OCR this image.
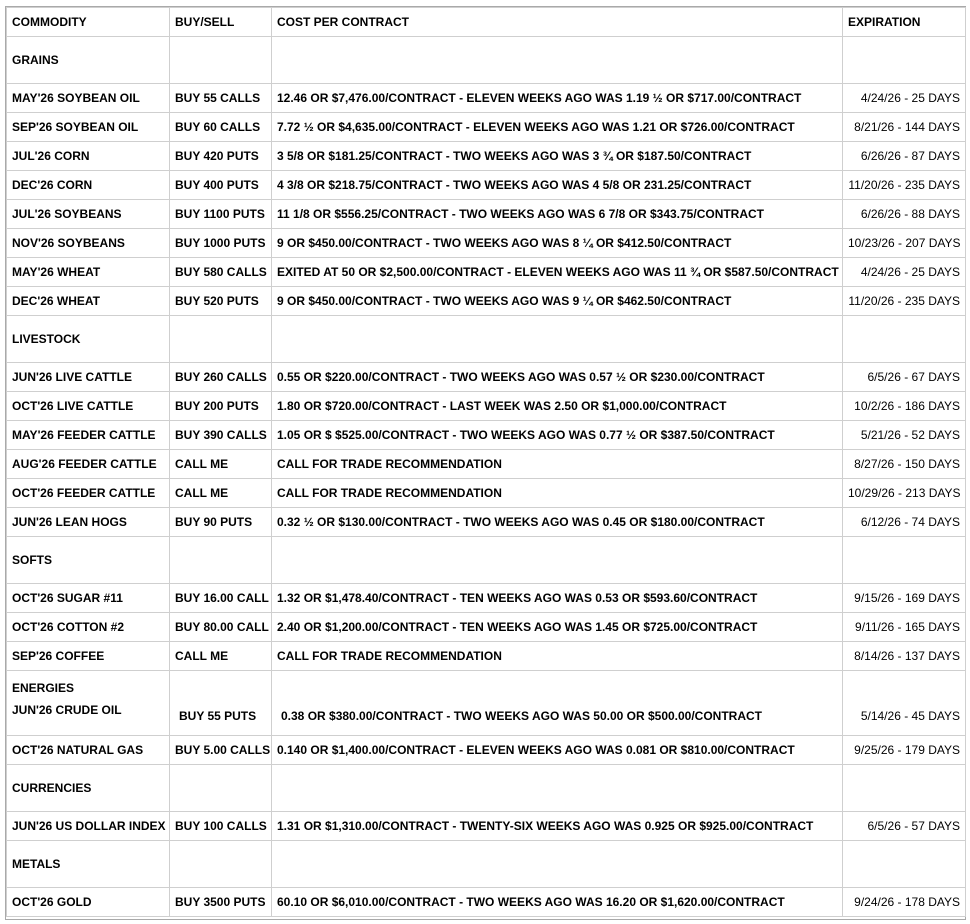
COMMODITY	BUY/SELL	COST PER CONTRACT	EXPIRATION
GRAINS			
MAY'26 SOYBEAN OIL	BUY 55 CALLS	12.46 OR $7,476.00/CONTRACT - ELEVEN WEEKS AGO WAS 1.19 ½ OR $717.00/CONTRACT	4/24/26 - 25 DAYS
SEP'26 SOYBEAN OIL	BUY 60 CALLS	7.72 ½ OR $4,635.00/CONTRACT - ELEVEN WEEKS AGO WAS 1.21 OR $726.00/CONTRACT	8/21/26 - 144 DAYS
JUL'26 CORN	BUY 420 PUTS	3 5/8 OR $181.25/CONTRACT - TWO WEEKS AGO WAS 3 ¾ OR $187.50/CONTRACT	6/26/26 - 87 DAYS
DEC'26 CORN	BUY 400 PUTS	4 3/8 OR $218.75/CONTRACT - TWO WEEKS AGO WAS 4 5/8 OR 231.25/CONTRACT	11/20/26 - 235 DAYS
JUL'26 SOYBEANS	BUY 1100 PUTS	11 1/8 OR $556.25/CONTRACT - TWO WEEKS AGO WAS 6 7/8 OR $343.75/CONTRACT	6/26/26 - 88 DAYS
NOV'26 SOYBEANS	BUY 1000 PUTS	9 OR $450.00/CONTRACT - TWO WEEKS AGO WAS 8 ¼ OR $412.50/CONTRACT	10/23/26 - 207 DAYS
MAY'26 WHEAT	BUY 580 CALLS	EXITED AT 50 OR $2,500.00/CONTRACT - ELEVEN WEEKS AGO WAS 11 ¾ OR $587.50/CONTRACT	4/24/26 - 25 DAYS
DEC'26 WHEAT	BUY 520 PUTS	9 OR $450.00/CONTRACT - TWO WEEKS AGO WAS 9 ¼ OR $462.50/CONTRACT	11/20/26 - 235 DAYS
LIVESTOCK			
JUN'26 LIVE CATTLE	BUY 260 CALLS	0.55 OR $220.00/CONTRACT - TWO WEEKS AGO WAS 0.57 ½ OR $230.00/CONTRACT	6/5/26 - 67 DAYS
OCT'26 LIVE CATTLE	BUY 200 PUTS	1.80 OR $720.00/CONTRACT - LAST WEEK WAS 2.50 OR $1,000.00/CONTRACT	10/2/26 - 186 DAYS
MAY'26 FEEDER CATTLE	BUY 390 CALLS	1.05 OR $ $525.00/CONTRACT - TWO WEEKS AGO WAS 0.77 ½ OR $387.50/CONTRACT	5/21/26 - 52 DAYS
AUG'26 FEEDER CATTLE	CALL ME	CALL FOR TRADE RECOMMENDATION	8/27/26 - 150 DAYS
OCT'26 FEEDER CATTLE	CALL ME	CALL FOR TRADE RECOMMENDATION	10/29/26 - 213 DAYS
JUN'26 LEAN HOGS	BUY 90 PUTS	0.32 ½ OR $130.00/CONTRACT - TWO WEEKS AGO WAS 0.45 OR $180.00/CONTRACT	6/12/26 - 74 DAYS
SOFTS			
OCT'26 SUGAR #11	BUY 16.00 CALL	1.32 OR $1,478.40/CONTRACT - TEN WEEKS AGO WAS 0.53 OR $593.60/CONTRACT	9/15/26 - 169 DAYS
OCT'26 COTTON #2	BUY 80.00 CALL	2.40 OR $1,200.00/CONTRACT - TEN WEEKS AGO WAS 1.45 OR $725.00/CONTRACT	9/11/26 - 165 DAYS
SEP'26 COFFEE	CALL ME	CALL FOR TRADE RECOMMENDATION	8/14/26 - 137 DAYS

ENERGIES
JUN'26 CRUDE OIL	BUY 55 PUTS	0.38 OR $380.00/CONTRACT - TWO WEEKS AGO WAS 50.00 OR $500.00/CONTRACT	5/14/26 - 45 DAYS
OCT'26 NATURAL GAS	BUY 5.00 CALLS	0.140 OR $1,400.00/CONTRACT - ELEVEN WEEKS AGO WAS 0.081 OR $810.00/CONTRACT	9/25/26 - 179 DAYS
CURRENCIES			
JUN'26 US DOLLAR INDEX	BUY 100 CALLS	1.31 OR $1,310.00/CONTRACT - TWENTY-SIX WEEKS AGO WAS 0.925 OR $925.00/CONTRACT	6/5/26 - 57 DAYS
METALS			
OCT'26 GOLD	BUY 3500 PUTS	60.10 OR $6,010.00/CONTRACT - TWO WEEKS AGO WAS 16.20 OR $1,620.00/CONTRACT	9/24/26 - 178 DAYS
